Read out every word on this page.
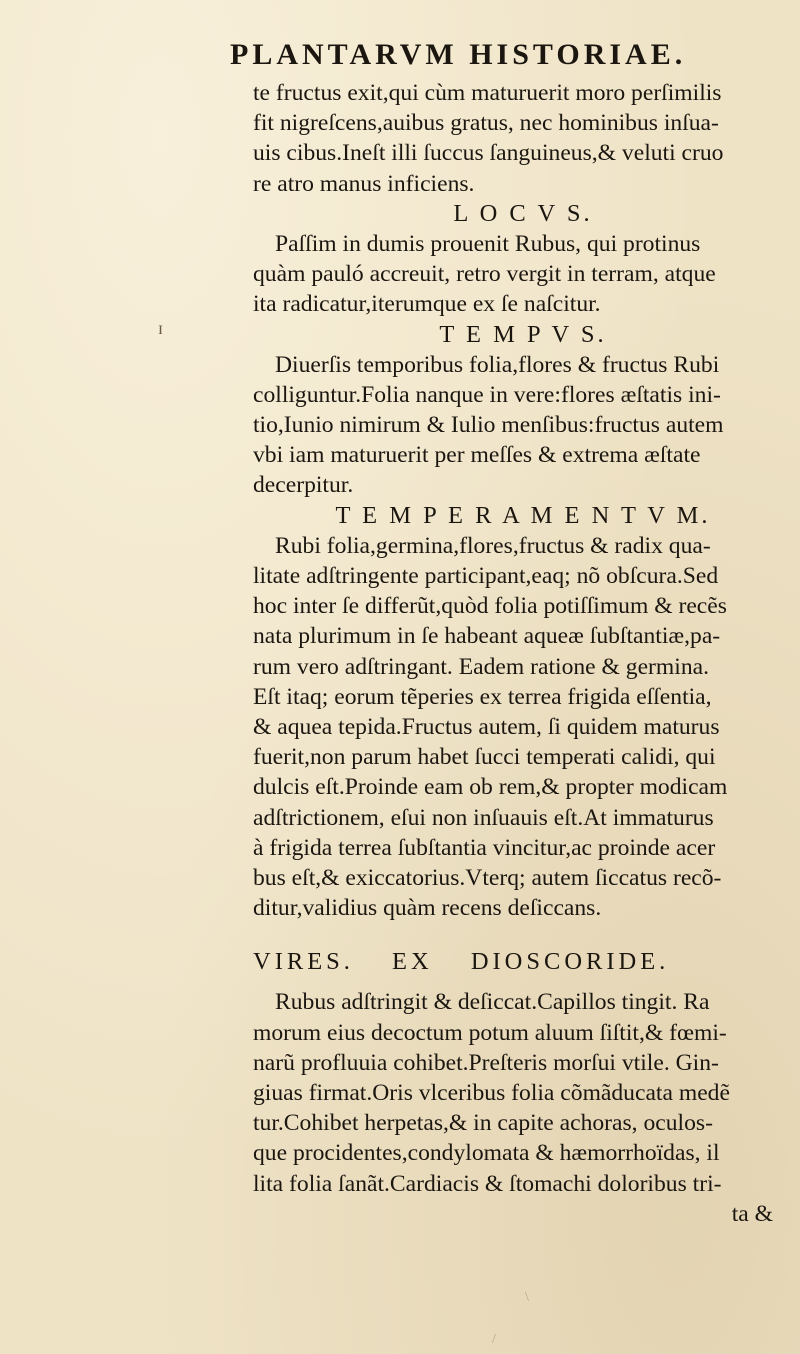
PLANTARVM HISTORIAE.
ɪ
\
/
te fructus exit,qui cùm maturuerit moro perſimilis
fit nigreſcens,auibus gratus, nec hominibus inſua-
uis cibus.Ineſt illi ſuccus ſanguineus,& veluti cruo
re atro manus inficiens.
L O C V S.
Paſſim in dumis prouenit Rubus, qui protinus
quàm pauló accreuit, retro vergit in terram, atque
ita radicatur,iterumque ex ſe naſcitur.
T E M P V S.
Diuerſis temporibus folia,flores & fructus Rubi
colliguntur.Folia nanque in vere:flores æſtatis ini-
tio,Iunio nimirum & Iulio menſibus:fructus autem
vbi iam maturuerit per meſſes & extrema æſtate
decerpitur.
T E M P E R A M E N T V M.
Rubi folia,germina,flores,fructus & radix qua-
litate adſtringente participant,eaq; nõ obſcura.Sed
hoc inter ſe differũt,quòd folia potiſſimum & recẽs
nata plurimum in ſe habeant aqueæ ſubſtantiæ,pa-
rum vero adſtringant. Eadem ratione & germina.
Eſt itaq; eorum tẽperies ex terrea frigida eſſentia,
& aquea tepida.Fructus autem, ſi quidem maturus
fuerit,non parum habet ſucci temperati calidi, qui
dulcis eſt.Proinde eam ob rem,& propter modicam
adſtrictionem, eſui non inſuauis eſt.At immaturus
à frigida terrea ſubſtantia vincitur,ac proinde acer
bus eſt,& exiccatorius.Vterq; autem ſiccatus recõ-
ditur,validius quàm recens deſiccans.
VIRES. EX DIOSCORIDE.
Rubus adſtringit & deſiccat.Capillos tingit. Ra
morum eius decoctum potum aluum ſiſtit,& fœmi-
narũ profluuia cohibet.Preſteris morſui vtile. Gin-
giuas firmat.Oris vlceribus folia cõmãducata medẽ
tur.Cohibet herpetas,& in capite achoras, oculos-
que procidentes,condylomata & hæmorrhoïdas, il
lita folia ſanãt.Cardiacis & ſtomachi doloribus tri-
ta &
